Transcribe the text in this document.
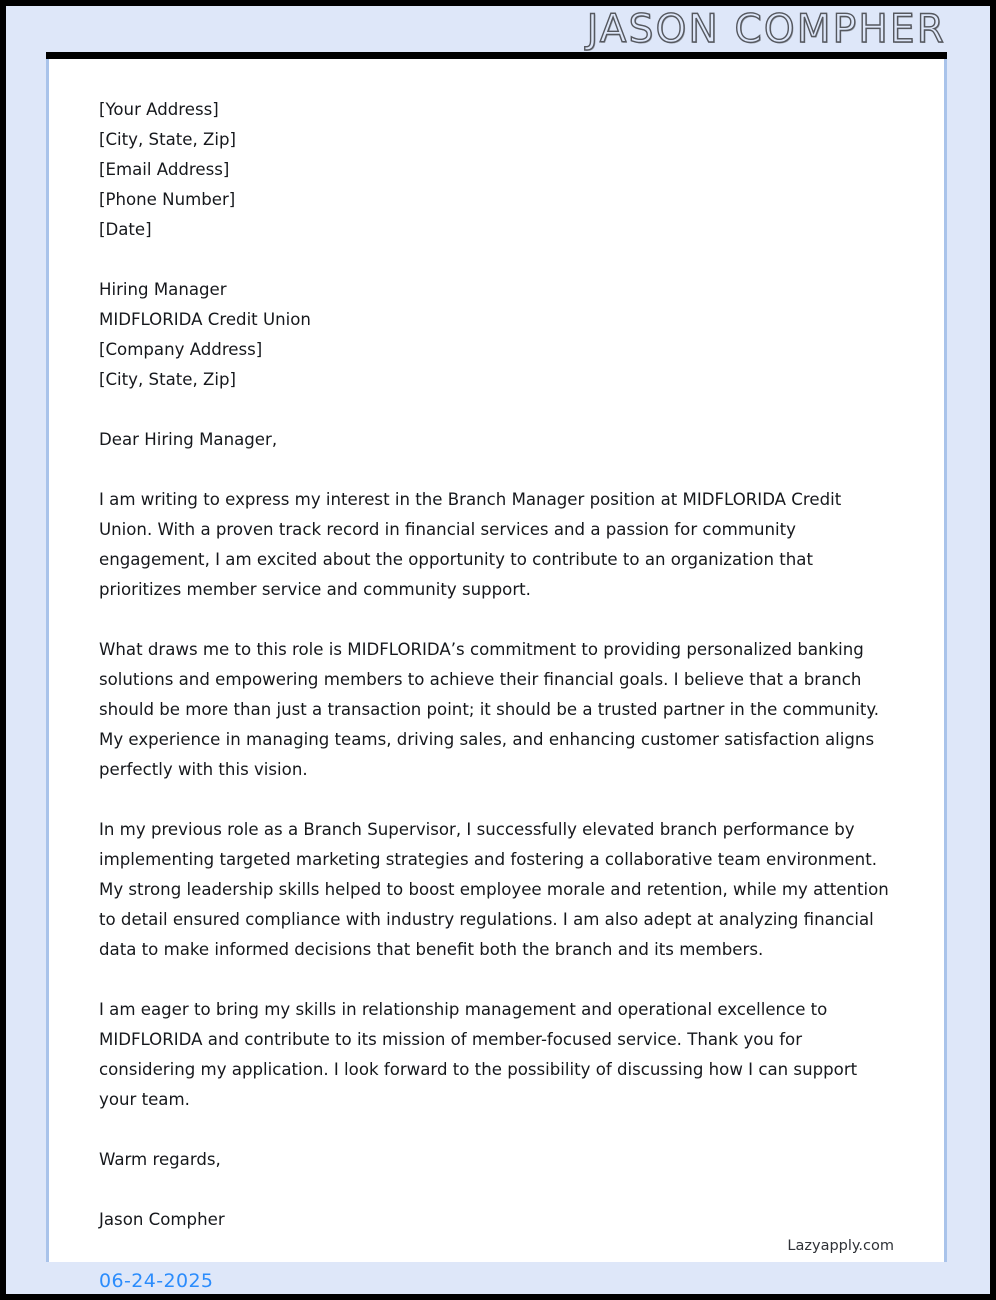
JASON COMPHER
[Your Address]
[City, State, Zip]
[Email Address]
[Phone Number]
[Date]
Hiring Manager
MIDFLORIDA Credit Union
[Company Address]
[City, State, Zip]
Dear Hiring Manager,
I am writing to express my interest in the Branch Manager position at MIDFLORIDA Credit Union. With a proven track record in financial services and a passion for community engagement, I am excited about the opportunity to contribute to an organization that prioritizes member service and community support.
What draws me to this role is MIDFLORIDA’s commitment to providing personalized banking solutions and empowering members to achieve their financial goals. I believe that a branch should be more than just a transaction point; it should be a trusted partner in the community. My experience in managing teams, driving sales, and enhancing customer satisfaction aligns perfectly with this vision.
In my previous role as a Branch Supervisor, I successfully elevated branch performance by implementing targeted marketing strategies and fostering a collaborative team environment. My strong leadership skills helped to boost employee morale and retention, while my attention to detail ensured compliance with industry regulations. I am also adept at analyzing financial data to make informed decisions that benefit both the branch and its members.
I am eager to bring my skills in relationship management and operational excellence to MIDFLORIDA and contribute to its mission of member-focused service. Thank you for considering my application. I look forward to the possibility of discussing how I can support your team.
Warm regards,
Jason Compher
Lazyapply.com
06-24-2025
